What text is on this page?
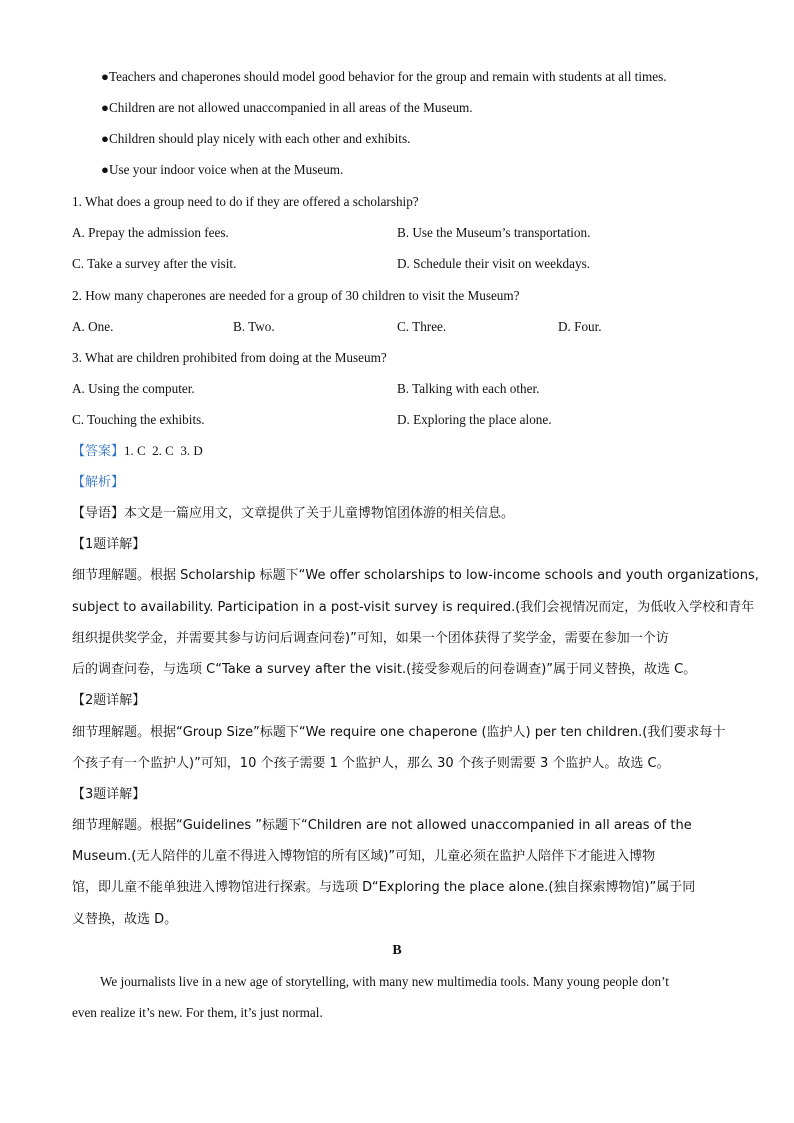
●Teachers and chaperones should model good behavior for the group and remain with students at all times.
●Children are not allowed unaccompanied in all areas of the Museum.
●Children should play nicely with each other and exhibits.
●Use your indoor voice when at the Museum.
1. What does a group need to do if they are offered a scholarship?
A. Prepay the admission fees.	B. Use the Museum’s transportation.
C. Take a survey after the visit.	D. Schedule their visit on weekdays.
2. How many chaperones are needed for a group of 30 children to visit the Museum?
A. One.	B. Two.	C. Three.	D. Four.
3. What are children prohibited from doing at the Museum?
A. Using the computer.	B. Talking with each other.
C. Touching the exhibits.	D. Exploring the place alone.
【答案】1. C  2. C  3. D
【解析】
【导语】本文是一篇应用文，文章提供了关于儿童博物馆团体游的相关信息。
【1题详解】
细节理解题。根据 Scholarship 标题下“We offer scholarships to low-income schools and youth organizations,
subject to availability. Participation in a post-visit survey is required.(我们会视情况而定，为低收入学校和青年
组织提供奖学金，并需要其参与访问后调查问卷)”可知，如果一个团体获得了奖学金，需要在参加一个访
后的调查问卷，与选项 C“Take a survey after the visit.(接受参观后的问卷调查)”属于同义替换，故选 C。
【2题详解】
细节理解题。根据“Group Size”标题下“We require one chaperone (监护人) per ten children.(我们要求每十
个孩子有一个监护人)”可知，10 个孩子需要 1 个监护人，那么 30 个孩子则需要 3 个监护人。故选 C。
【3题详解】
细节理解题。根据“Guidelines ”标题下“Children are not allowed unaccompanied in all areas of the
Museum.(无人陪伴的儿童不得进入博物馆的所有区域)”可知，儿童必须在监护人陪伴下才能进入博物
馆，即儿童不能单独进入博物馆进行探索。与选项 D“Exploring the place alone.(独自探索博物馆)”属于同
义替换，故选 D。
B
We journalists live in a new age of storytelling, with many new multimedia tools. Many young people don’t
even realize it’s new. For them, it’s just normal.
